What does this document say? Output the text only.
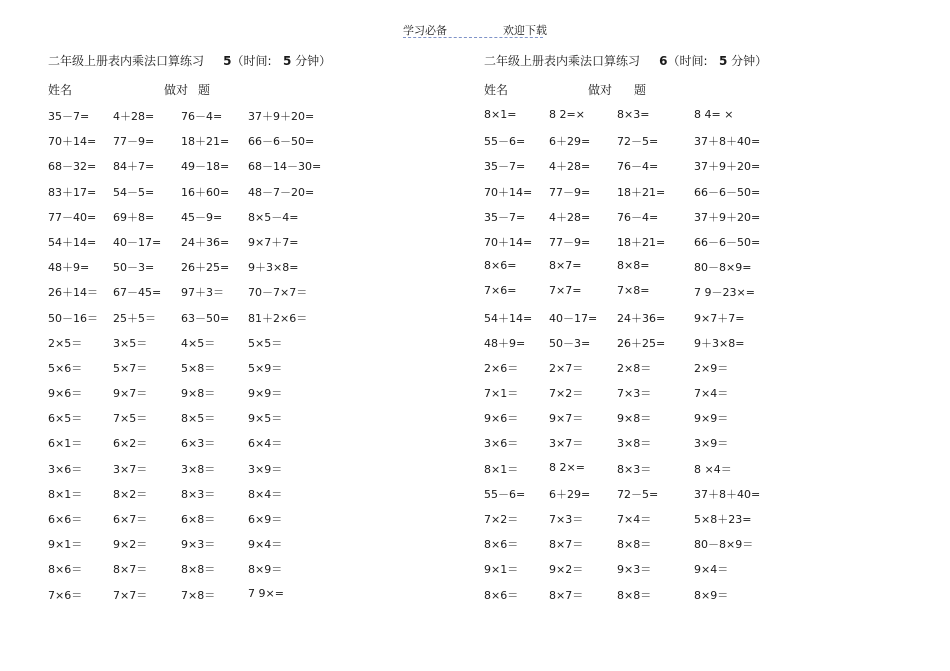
学习必备	欢迎下载
二年级上册表内乘法口算练习 5（时间: 5 分钟）
姓名	做对 题
35－7= 4＋28= 76－4= 37＋9＋20=
70＋14= 77－9= 18＋21= 66－6－50=
68－32= 84＋7= 49－18= 68－14－30=
83＋17= 54－5= 16＋60= 48－7－20=
77－40= 69＋8= 45－9= 8×5－4=
54＋14= 40－17= 24＋36= 9×7＋7=
48＋9= 50－3= 26＋25= 9＋3×8=
26＋14＝ 67－45= 97＋3＝ 70－7×7＝
50－16＝ 25＋5＝ 63－50= 81＋2×6＝
2×5＝	3×5＝	4×5＝	5×5＝
5×6＝	5×7＝	5×8＝	5×9＝
9×6＝	9×7＝	9×8＝	9×9＝
6×5＝	7×5＝	8×5＝	9×5＝
6×1＝	6×2＝	6×3＝	6×4＝
3×6＝	3×7＝	3×8＝	3×9＝
8×1＝	8×2＝	8×3＝	8×4＝
6×6＝	6×7＝	6×8＝	6×9＝
9×1＝	9×2＝	9×3＝	9×4＝
8×6＝	8×7＝	8×8＝	8×9＝
7×6＝	7×7＝	7×8＝	7 9×=
二年级上册表内乘法口算练习 6（时间: 5 分钟）
姓名	做对 题
8×1=	8 2=×	8×3=	8 4= ×
55－6= 6＋29= 72－5=	37＋8＋40=
35－7= 4＋28= 76－4=	37＋9＋20=
70＋14= 77－9= 18＋21=	66－6－50=
35－7= 4＋28= 76－4=	37＋9＋20=
70＋14= 77－9= 18＋21=	66－6－50=
8×6=	8×7=	8×8=	80－8×9=
7×6=	7×7=	7×8=	7 9－23×=
54＋14= 40－17= 24＋36=	9×7＋7=
48＋9= 50－3= 26＋25=	9＋3×8=
2×6＝	2×7＝	2×8＝	2×9＝
7×1＝	7×2＝	7×3＝	7×4＝
9×6＝	9×7＝	9×8＝	9×9＝
3×6＝	3×7＝	3×8＝	3×9＝
8×1＝	8 2×=	8×3＝	8 ×4＝
55－6= 6＋29= 72－5=	37＋8＋40=
7×2＝	7×3＝	7×4＝	5×8＋23=
8×6＝	8×7＝	8×8＝	80－8×9＝
9×1＝	9×2＝	9×3＝	9×4＝
8×6＝	8×7＝	8×8＝	8×9＝
